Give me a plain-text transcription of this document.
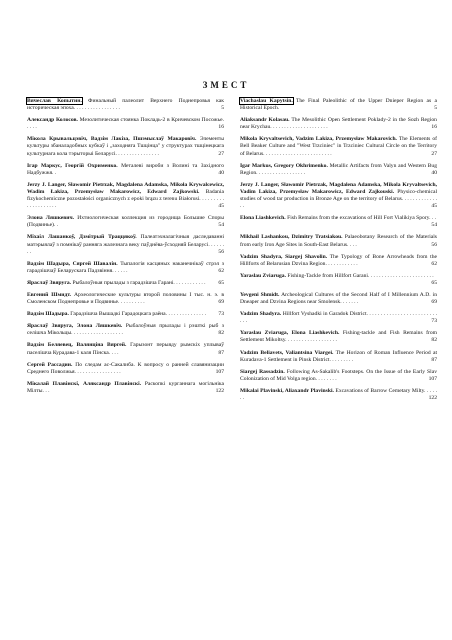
ЗМЕСТ
Вячеслав Копытин. Финальный палеолит Верхнего Поднепровья как историческая эпоха. . . . . . . . . . . . . . . . .	5
Александр Колосов. Мезолитическая стоянка Покладь-2 в Кричевском Посожье. . . . .	16
Мікола Крывальцэвіч, Вадзім Лакіза, Пшэмыслаў Макаровіч. Элементы культуры збаналадобных кубкаў і „заходняга Тшцінца" у структурах тшцінецкага культурнага кола тэрыторыі Беларусі. . . . . . . . . . . . . . . .	27
Ігар Маркус, Георгій Охрименко. Металеві вироби з Волині та Західного Надбужжя. .	40
Jerzy J. Langer, Sławomir Pietrzak, Magdalena Adamska, Mikoła Krywalcewicz, Wadim Łakiza, Przemysław Makarowicz, Edward Zajkowski. Badania fizykochemiczne pozostałości organicznych z epoki brązu z terenu Białorusi. . . . . . . . . . . . . . . . . . . .	45
Элона Ляшкевич. Ихтиологическая коллекция из городища Большие Споры (Подвинье). .	54
Міхаіл Лашанкоў, Дзмітрый Траццякоў. Палеатэхналагічныя даследаванні матэрыялаў з помнікаў ранняга жалезнага веку паўднёва-ўсходняй Беларусі. . . . . . . .	56
Вадзім Шадыра, Сяргей Шавалін. Тыпалогія касцяных наканечнікаў стрэл з гарадзішчаў Беларускага Падзвіння. . . . . .	62
Яраслаў Звяруга. Рыбалоўныя прылады з гарадзішча Гарані. . . . . . . . . . . . 65
Евгений Шмидт. Археологические культуры второй половины I тыс. н. э. в Смоленском Поднепровье и Подвинье. . . . . . . . . .	69
Вадзім Шадыра. Гарадзішча Вышадкі Гарадоцкага раёна. . . . . . . . . . . . . . . 73
Яраслаў Звяруга, Элона Ляшкевіч. Рыбалоўныя прылады і рэшткі рыб з селішча Мікольцы. . . . . . . . . . . . . . . . . . .	82
Вадзім Беляевец, Валянціна Вяргей. Гарызонт перыяду рымскіх уплываў паселішча Курадава-1 каля Пінска. . . .	87
Сергей Рассадин. По следам ас-Сакалиба. К вопросу о ранней славянизации Среднего Поволжья. . . . . . . . . . . . . . . . .	107
Мікалай Плавінскі, Аляксандр Плавінскі. Раскопкі курганнага могільніка Мілты. . .	122
Viachaslau Kapytsin. The Final Paleolithic of the Upper Dnieper Region as a Historical Epoch.	5
Aliaksandr Kolasau. The Mesolithic Open Settlement Pokladу-2 in the Sozh Region near Krychau. . . . . . . . . . . . . . . . . . . . .	16
Mikola Kryvaltsevich, Vadzim Lakiza, Przemysław Makarovich. The Elements of Bell Beaker Culture and "West Trzciniec" in Trzciniec Cultural Circle on the Territory of Belarus. . . . . . . . . . . . . . . . . . . . . . . . .	27
Igar Markus, Gregory Okhrimenko. Metallic Artifacts from Valyn and Western Bug Region. . . . . . . . . . . . . . . . . .	40
Jerzy J. Langer, Sławomir Pietrzak, Magdalena Adamska, Mikola Kryvaltsevich, Vadim Lakiza, Przemysław Makarowicz, Edward Zajkouski. Physico-chemical studies of wood tar production in Bronze Age on the territory of Belarus. . . . . . . . . . . . . . .	45
Elona Liashkevich. Fish Remains from the excavations of Hill Fort Vialikiya Spory. . .
54
Mikhail Lashankou, Dzimitry Tratsiakou. Palaeobotany Research of the Materials from early Iron Age Sites in South-East Belarus. . . .	56
Vadzim Shadyra, Siargej Shavolin. The Typology of Bone Arrowheads from the Hillforts of Belarusian Dzvina Region. . . . . . . . . . . .	62
Yaraslau Zviaruga. Fishing-Tackle from Hillfort Garani. . . . . . . . . . . . . . . . . . . . . . . .
65
Yevgeni Shmidt. Archeological Cultures of the Second Half of I Millennium A.D. in Dneaper and Dzvina Regions near Smolensk. . . . . . .	69
Vadzim Shadyra. Hillfort Vyshadki in Garadok District. . . . . . . . . . . . . . . . . . . . . . . . . . . .	73
Yaraslau Zviaruga, Elona Liashkevich. Fishing-tackle and Fish Remains from Settlement Mikoltsy. . . . . . . . . . . . . . . . . . .	82
Vadzim Beliavets, Valiantsina Viargei. The Horizon of Roman Influence Period at Kuradava-1 Settlement in Pinsk District. . . . . . . . .	87
Siargej Rassadzin. Following As-Sakalib's Footsteps. On the Issue of the Early Slav Colonization of Mid Volga region. . . . . . . .	107
Mikalai Plavinski, Aliaxandr Plavinski. Excavations of Barrow Cemetary Milty. . . . . . .	122
